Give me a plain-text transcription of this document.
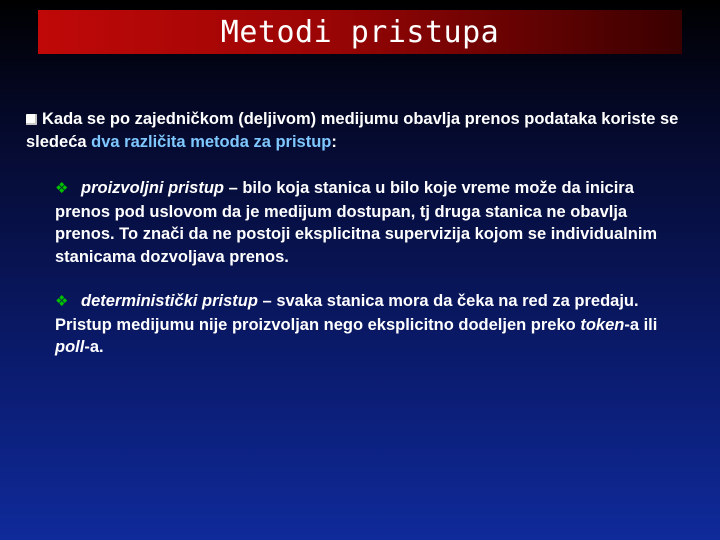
Metodi pristupa

Kada se po zajedničkom (deljivom) medijumu obavlja prenos podataka koriste se sledeća dva različita metoda za pristup:

❖ proizvoljni pristup – bilo koja stanica u bilo koje vreme može da inicira prenos pod uslovom da je medijum dostupan, tj druga stanica ne obavlja prenos. To znači da ne postoji eksplicitna supervizija kojom se individualnim stanicama dozvoljava prenos.

❖ deterministički pristup – svaka stanica mora da čeka na red za predaju. Pristup medijumu nije proizvoljan nego eksplicitno dodeljen preko token-a ili poll-a.
